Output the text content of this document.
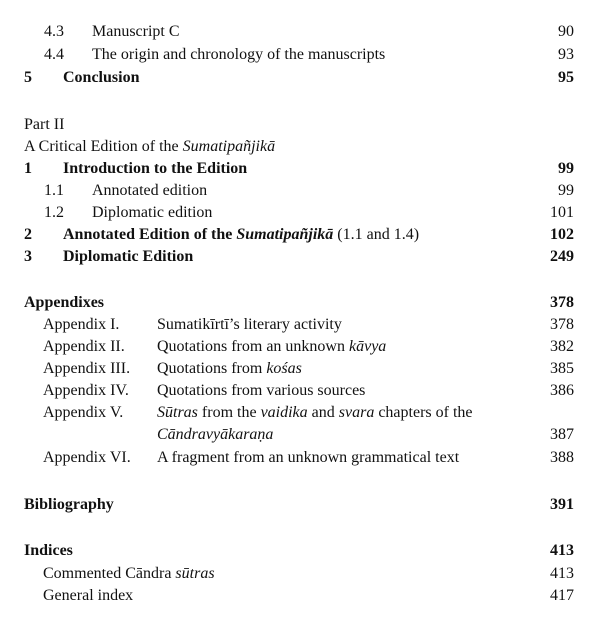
4.3 Manuscript C	90
4.4 The origin and chronology of the manuscripts	93
5 Conclusion	95
Part II
A Critical Edition of the Sumatipañjikā
1 Introduction to the Edition	99
1.1 Annotated edition	99
1.2 Diplomatic edition	101
2 Annotated Edition of the Sumatipañjikā (1.1 and 1.4)	102
3 Diplomatic Edition	249
Appendixes	378
Appendix I. Sumatikīrtī’s literary activity	378
Appendix II. Quotations from an unknown kāvya	382
Appendix III. Quotations from kośas	385
Appendix IV. Quotations from various sources	386
Appendix V. Sūtras from the vaidika and svara chapters of the
Cāndravyākaraṇa	387
Appendix VI. A fragment from an unknown grammatical text	388
Bibliography	391
Indices	413
Commented Cāndra sūtras	413
General index	417
